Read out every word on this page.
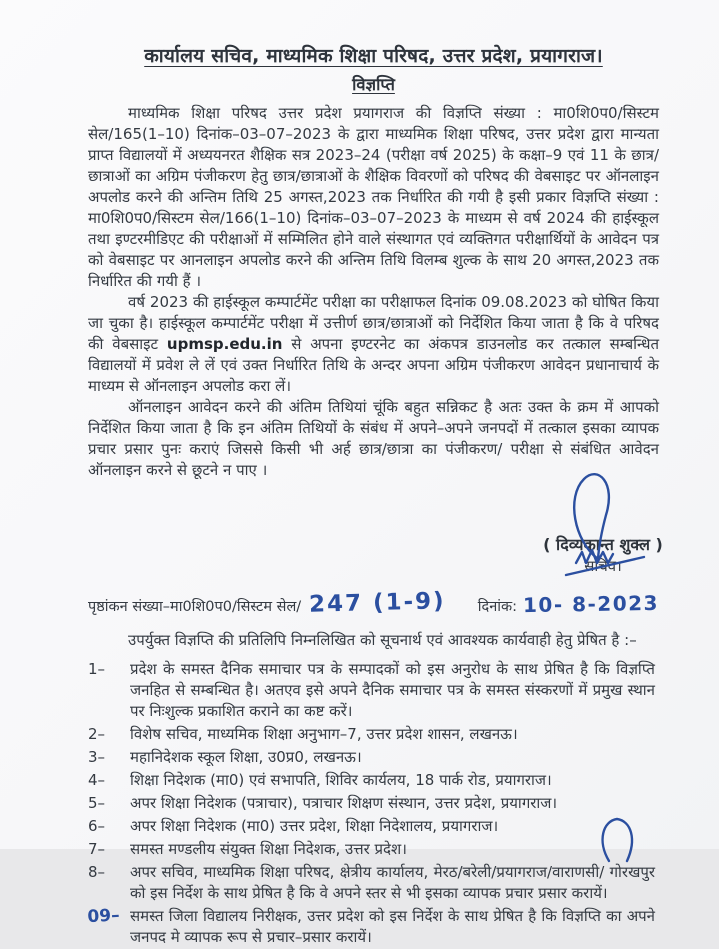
कार्यालय सचिव, माध्यमिक शिक्षा परिषद, उत्तर प्रदेश, प्रयागराज।
विज्ञप्ति

माध्यमिक शिक्षा परिषद उत्तर प्रदेश प्रयागराज की विज्ञप्ति संख्या : मा0शि0प0/सिस्टम सेल/165(1–10) दिनांक–03–07–2023 के द्वारा माध्यमिक शिक्षा परिषद, उत्तर प्रदेश द्वारा मान्यता प्राप्त विद्यालयों में अध्ययनरत शैक्षिक सत्र 2023–24 (परीक्षा वर्ष 2025) के कक्षा–9 एवं 11 के छात्र/छात्राओं का अग्रिम पंजीकरण हेतु छात्र/छात्राओं के शैक्षिक विवरणों को परिषद की वेबसाइट पर ऑनलाइन अपलोड करने की अन्तिम तिथि 25 अगस्त,2023 तक निर्धारित की गयी है इसी प्रकार विज्ञप्ति संख्या : मा0शि0प0/सिस्टम सेल/166(1–10) दिनांक–03–07–2023 के माध्यम से वर्ष 2024 की हाईस्कूल तथा इण्टरमीडिएट की परीक्षाओं में सम्मिलित होने वाले संस्थागत एवं व्यक्तिगत परीक्षार्थियों के आवेदन पत्र को वेबसाइट पर आनलाइन अपलोड करने की अन्तिम तिथि विलम्ब शुल्क के साथ 20 अगस्त,2023 तक निर्धारित की गयी हैं ।

वर्ष 2023 की हाईस्कूल कम्पार्टमेंट परीक्षा का परीक्षाफल दिनांक 09.08.2023 को घोषित किया जा चुका है। हाईस्कूल कम्पार्टमेंट परीक्षा में उत्तीर्ण छात्र/छात्राओं को निर्देशित किया जाता है कि वे परिषद की वेबसाइट upmsp.edu.in से अपना इण्टरनेट का अंकपत्र डाउनलोड कर तत्काल सम्बन्धित विद्यालयों में प्रवेश ले लें एवं उक्त निर्धारित तिथि के अन्दर अपना अग्रिम पंजीकरण आवेदन प्रधानाचार्य के माध्यम से ऑनलाइन अपलोड करा लें।

ऑनलाइन आवेदन करने की अंतिम तिथियां चूंकि बहुत सन्निकट है अतः उक्त के क्रम में आपको निर्देशित किया जाता है कि इन अंतिम तिथियों के संबंध में अपने–अपने जनपदों में तत्काल इसका व्यापक प्रचार प्रसार पुनः कराएं जिससे किसी भी अर्ह छात्र/छात्रा का पंजीकरण/ परीक्षा से संबंधित आवेदन ऑनलाइन करने से छूटने न पाए ।

( दिव्यकान्त शुक्ल )
सचिव।
पृष्ठांकन संख्या–मा0शि0प0/सिस्टम सेल/ 247 (1-9) दिनांक: 10- 8-2023
उपर्युक्त विज्ञप्ति की प्रतिलिपि निम्नलिखित को सूचनार्थ एवं आवश्यक कार्यवाही हेतु प्रेषित है :–
1–	प्रदेश के समस्त दैनिक समाचार पत्र के सम्पादकों को इस अनुरोध के साथ प्रेषित है कि विज्ञप्ति जनहित से सम्बन्धित है। अतएव इसे अपने दैनिक समाचार पत्र के समस्त संस्करणों में प्रमुख स्थान पर निःशुल्क प्रकाशित कराने का कष्ट करें।
2–	विशेष सचिव, माध्यमिक शिक्षा अनुभाग–7, उत्तर प्रदेश शासन, लखनऊ।
3–	महानिदेशक स्कूल शिक्षा, उ0प्र0, लखनऊ।
4–	शिक्षा निदेशक (मा0) एवं सभापति, शिविर कार्यलय, 18 पार्क रोड, प्रयागराज।
5–	अपर शिक्षा निदेशक (पत्राचार), पत्राचार शिक्षण संस्थान, उत्तर प्रदेश, प्रयागराज।
6–	अपर शिक्षा निदेशक (मा0) उत्तर प्रदेश, शिक्षा निदेशालय, प्रयागराज।
7–	समस्त मण्डलीय संयुक्त शिक्षा निदेशक, उत्तर प्रदेश।
8–	अपर सचिव, माध्यमिक शिक्षा परिषद, क्षेत्रीय कार्यालय, मेरठ/बरेली/प्रयागराज/वाराणसी/ गोरखपुर को इस निर्देश के साथ प्रेषित है कि वे अपने स्तर से भी इसका व्यापक प्रचार प्रसार करायें।
09– समस्त जिला विद्यालय निरीक्षक, उत्तर प्रदेश को इस निर्देश के साथ प्रेषित है कि विज्ञप्ति का अपने जनपद मे व्यापक रूप से प्रचार–प्रसार करायें।
